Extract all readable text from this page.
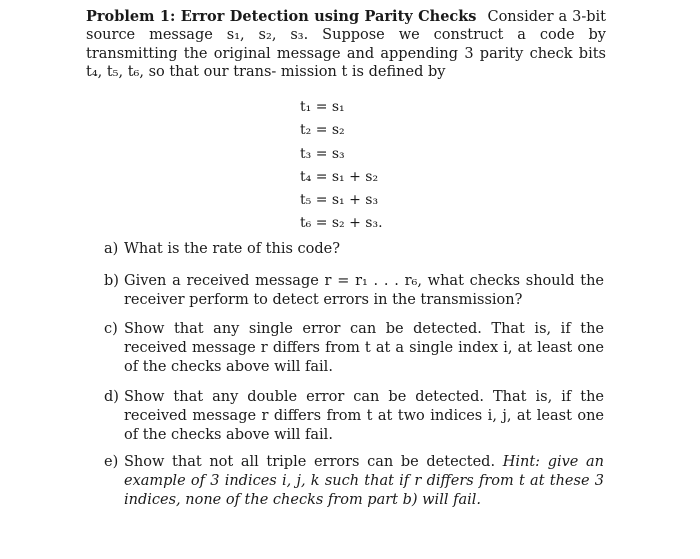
Problem 1: Error Detection using Parity Checks Consider a 3-bit source message s₁, s₂, s₃. Suppose we construct a code by transmitting the original message and appending 3 parity check bits t₄, t₅, t₆, so that our trans- mission t is defined by

t₁ = s₁
t₂ = s₂
t₃ = s₃
t₄ = s₁ + s₂
t₅ = s₁ + s₃
t₆ = s₂ + s₃.
a) What is the rate of this code?
b) Given a received message r = r₁ . . . r₆, what checks should the receiver perform to detect errors in the transmission?
c) Show that any single error can be detected. That is, if the received message r differs from t at a single index i, at least one of the checks above will fail.
d) Show that any double error can be detected. That is, if the received message r differs from t at two indices i, j, at least one of the checks above will fail.
e) Show that not all triple errors can be detected. Hint: give an example of 3 indices i, j, k such that if r differs from t at these 3 indices, none of the checks from part b) will fail.
